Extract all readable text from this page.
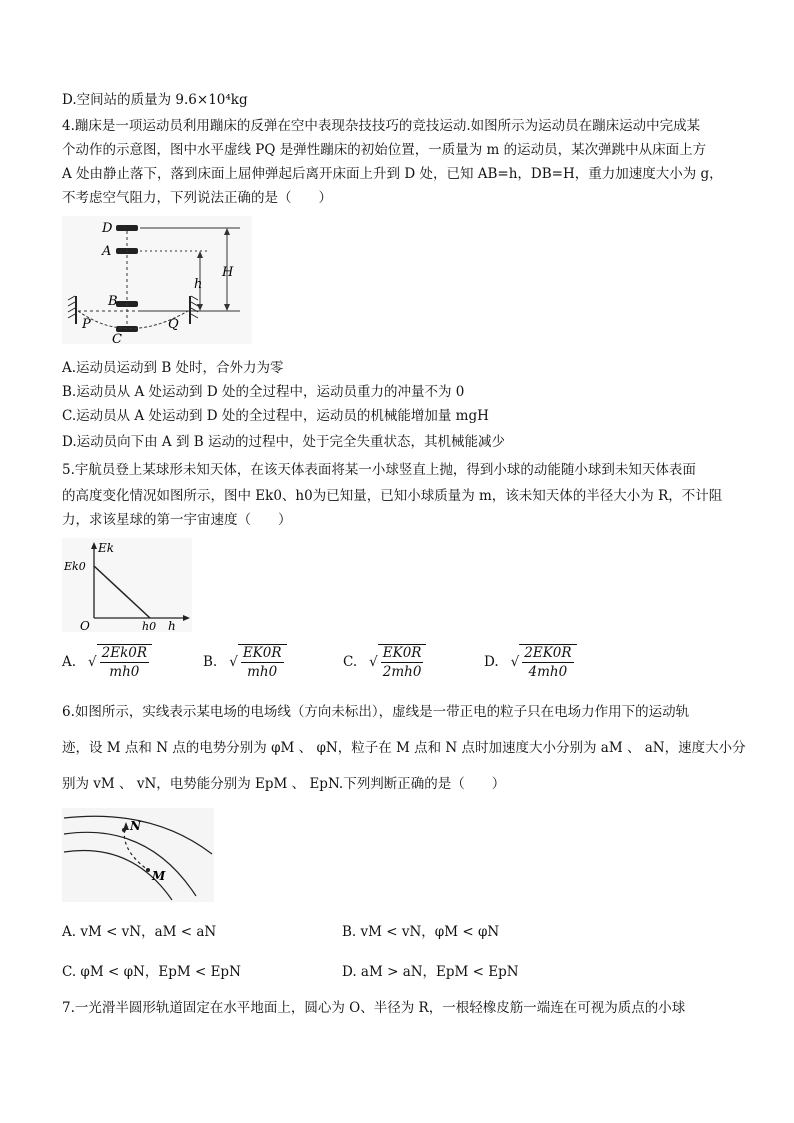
D.空间站的质量为 9.6×10⁴kg
4.蹦床是一项运动员利用蹦床的反弹在空中表现杂技技巧的竞技运动.如图所示为运动员在蹦床运动中完成某
个动作的示意图，图中水平虚线 PQ 是弹性蹦床的初始位置，一质量为 m 的运动员，某次弹跳中从床面上方
A 处由静止落下，落到床面上屈伸弹起后离开床面上升到 D 处，已知 AB=h，DB=H，重力加速度大小为 g，
不考虑空气阻力，下列说法正确的是（　　）
D
A
B
C
P	Q
h
H
A.运动员运动到 B 处时，合外力为零
B.运动员从 A 处运动到 D 处的全过程中，运动员重力的冲量不为 0
C.运动员从 A 处运动到 D 处的全过程中，运动员的机械能增加量 mgH
D.运动员向下由 A 到 B 运动的过程中，处于完全失重状态，其机械能减少
5.宇航员登上某球形未知天体，在该天体表面将某一小球竖直上抛，得到小球的动能随小球到未知天体表面
的高度变化情况如图所示，图中 Ek0、h0为已知量，已知小球质量为 m，该未知天体的半径大小为 R，不计阻
力，求该星球的第一宇宙速度（　　）
Ek
Ek0
O	h0 h
A. √ $\frac{2Ek0R}{mh0}$	B. √ $\frac{EK0R}{mh0}$	C. √ $\frac{EK0R}{2mh0}$	D. √ $\frac{2EK0R}{4mh0}$
6.如图所示，实线表示某电场的电场线（方向未标出），虚线是一带正电的粒子只在电场力作用下的运动轨
迹，设 M 点和 N 点的电势分别为 φM 、 φN，粒子在 M 点和 N 点时加速度大小分别为 aM 、 aN，速度大小分
别为 vM 、 vN，电势能分别为 EpM 、 EpN.下列判断正确的是（　　）
N
M
A. vM < vN，aM < aN	B. vM < vN，φM < φN
C. φM < φN，EpM < EpN	D. aM > aN，EpM < EpN
7.一光滑半圆形轨道固定在水平地面上，圆心为 O、半径为 R，一根轻橡皮筋一端连在可视为质点的小球
